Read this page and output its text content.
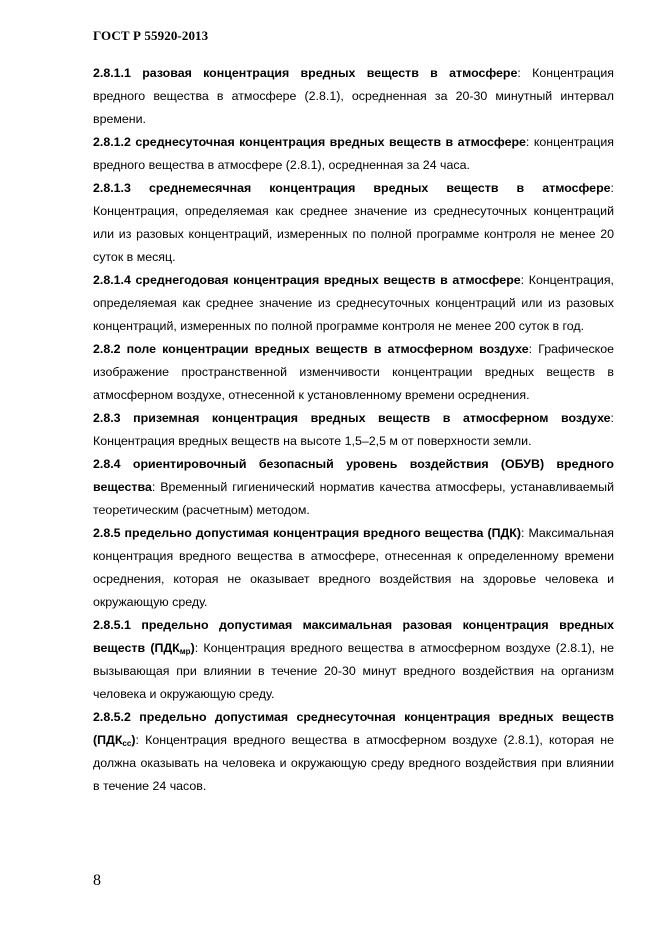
ГОСТ Р 55920-2013

2.8.1.1 разовая концентрация вредных веществ в атмосфере: Концентрация вредного вещества в атмосфере (2.8.1), осредненная за 20-30 минутный интервал времени.

2.8.1.2 среднесуточная концентрация вредных веществ в атмосфере: концентрация вредного вещества в атмосфере (2.8.1), осредненная за 24 часа.

2.8.1.3 среднемесячная концентрация вредных веществ в атмосфере: Концентрация, определяемая как среднее значение из среднесуточных концентраций или из разовых концентраций, измеренных по полной программе контроля не менее 20 суток в месяц.

2.8.1.4 среднегодовая концентрация вредных веществ в атмосфере: Концентрация, определяемая как среднее значение из среднесуточных концентраций или из разовых концентраций, измеренных по полной программе контроля не менее 200 суток в год.

2.8.2 поле концентрации вредных веществ в атмосферном воздухе: Графическое изображение пространственной изменчивости концентрации вредных веществ в атмосферном воздухе, отнесенной к установленному времени осреднения.

2.8.3 приземная концентрация вредных веществ в атмосферном воздухе: Концентрация вредных веществ на высоте 1,5–2,5 м от поверхности земли.

2.8.4 ориентировочный безопасный уровень воздействия (ОБУВ) вредного вещества: Временный гигиенический норматив качества атмосферы, устанавливаемый теоретическим (расчетным) методом.

2.8.5 предельно допустимая концентрация вредного вещества (ПДК): Максимальная концентрация вредного вещества в атмосфере, отнесенная к определенному времени осреднения, которая не оказывает вредного воздействия на здоровье человека и окружающую среду.

2.8.5.1 предельно допустимая максимальная разовая концентрация вредных веществ $(ПДК_{мр})$: Концентрация вредного вещества в атмосферном воздухе (2.8.1), не вызывающая при влиянии в течение 20-30 минут вредного воздействия на организм человека и окружающую среду.

2.8.5.2 предельно допустимая среднесуточная концентрация вредных веществ $(ПДК_{сс})$: Концентрация вредного вещества в атмосферном воздухе (2.8.1), которая не должна оказывать на человека и окружающую среду вредного воздействия при влиянии в течение 24 часов.

8
